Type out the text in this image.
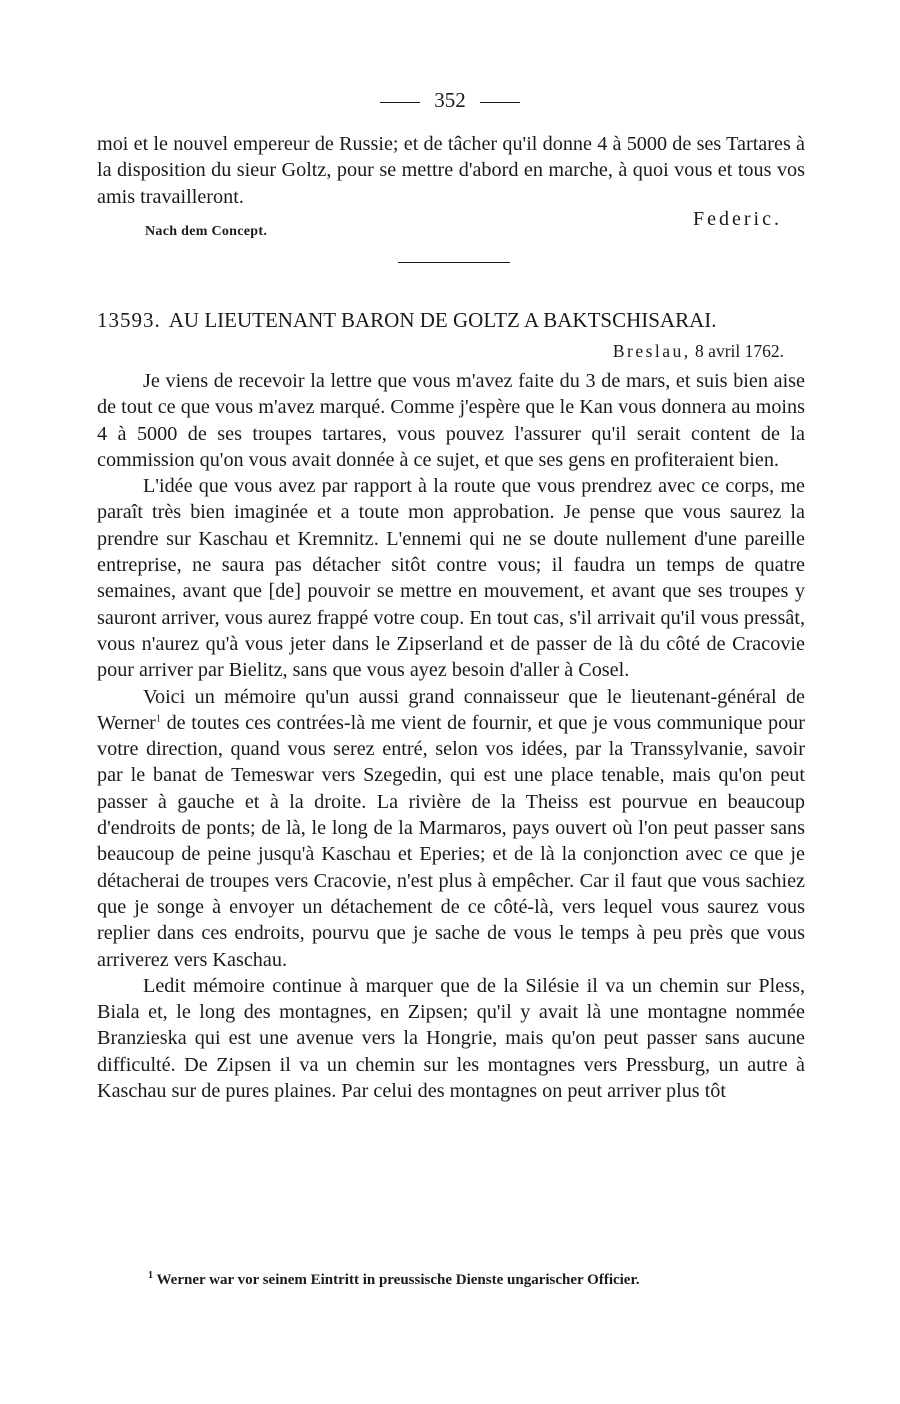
352
moi et le nouvel empereur de Russie; et de tâcher qu'il donne 4 à 5000 de ses Tartares à la disposition du sieur Goltz, pour se mettre d'abord en marche, à quoi vous et tous vos amis travailleront.
Nach dem Concept.
Federic.
13593. AU LIEUTENANT BARON DE GOLTZ A BAKTSCHISARAI.
Breslau, 8 avril 1762.
Je viens de recevoir la lettre que vous m'avez faite du 3 de mars, et suis bien aise de tout ce que vous m'avez marqué. Comme j'espère que le Kan vous donnera au moins 4 à 5000 de ses troupes tartares, vous pouvez l'assurer qu'il serait content de la commission qu'on vous avait donnée à ce sujet, et que ses gens en profiteraient bien.
L'idée que vous avez par rapport à la route que vous prendrez avec ce corps, me paraît très bien imaginée et a toute mon approbation. Je pense que vous saurez la prendre sur Kaschau et Kremnitz. L'ennemi qui ne se doute nullement d'une pareille entreprise, ne saura pas détacher sitôt contre vous; il faudra un temps de quatre semaines, avant que [de] pouvoir se mettre en mouvement, et avant que ses troupes y sauront arriver, vous aurez frappé votre coup. En tout cas, s'il arrivait qu'il vous pressât, vous n'aurez qu'à vous jeter dans le Zipserland et de passer de là du côté de Cracovie pour arriver par Bielitz, sans que vous ayez besoin d'aller à Cosel.
Voici un mémoire qu'un aussi grand connaisseur que le lieutenant-général de Werner$^1$ de toutes ces contrées-là me vient de fournir, et que je vous communique pour votre direction, quand vous serez entré, selon vos idées, par la Transsylvanie, savoir par le banat de Temeswar vers Szegedin, qui est une place tenable, mais qu'on peut passer à gauche et à la droite. La rivière de la Theiss est pourvue en beaucoup d'endroits de ponts; de là, le long de la Marmaros, pays ouvert où l'on peut passer sans beaucoup de peine jusqu'à Kaschau et Eperies; et de là la conjonction avec ce que je détacherai de troupes vers Cracovie, n'est plus à empêcher. Car il faut que vous sachiez que je songe à envoyer un détachement de ce côté-là, vers lequel vous saurez vous replier dans ces endroits, pourvu que je sache de vous le temps à peu près que vous arriverez vers Kaschau.
Ledit mémoire continue à marquer que de la Silésie il va un chemin sur Pless, Biala et, le long des montagnes, en Zipsen; qu'il y avait là une montagne nommée Branzieska qui est une avenue vers la Hongrie, mais qu'on peut passer sans aucune difficulté. De Zipsen il va un chemin sur les montagnes vers Pressburg, un autre à Kaschau sur de pures plaines. Par celui des montagnes on peut arriver plus tôt
$^1$ Werner war vor seinem Eintritt in preussische Dienste ungarischer Officier.
